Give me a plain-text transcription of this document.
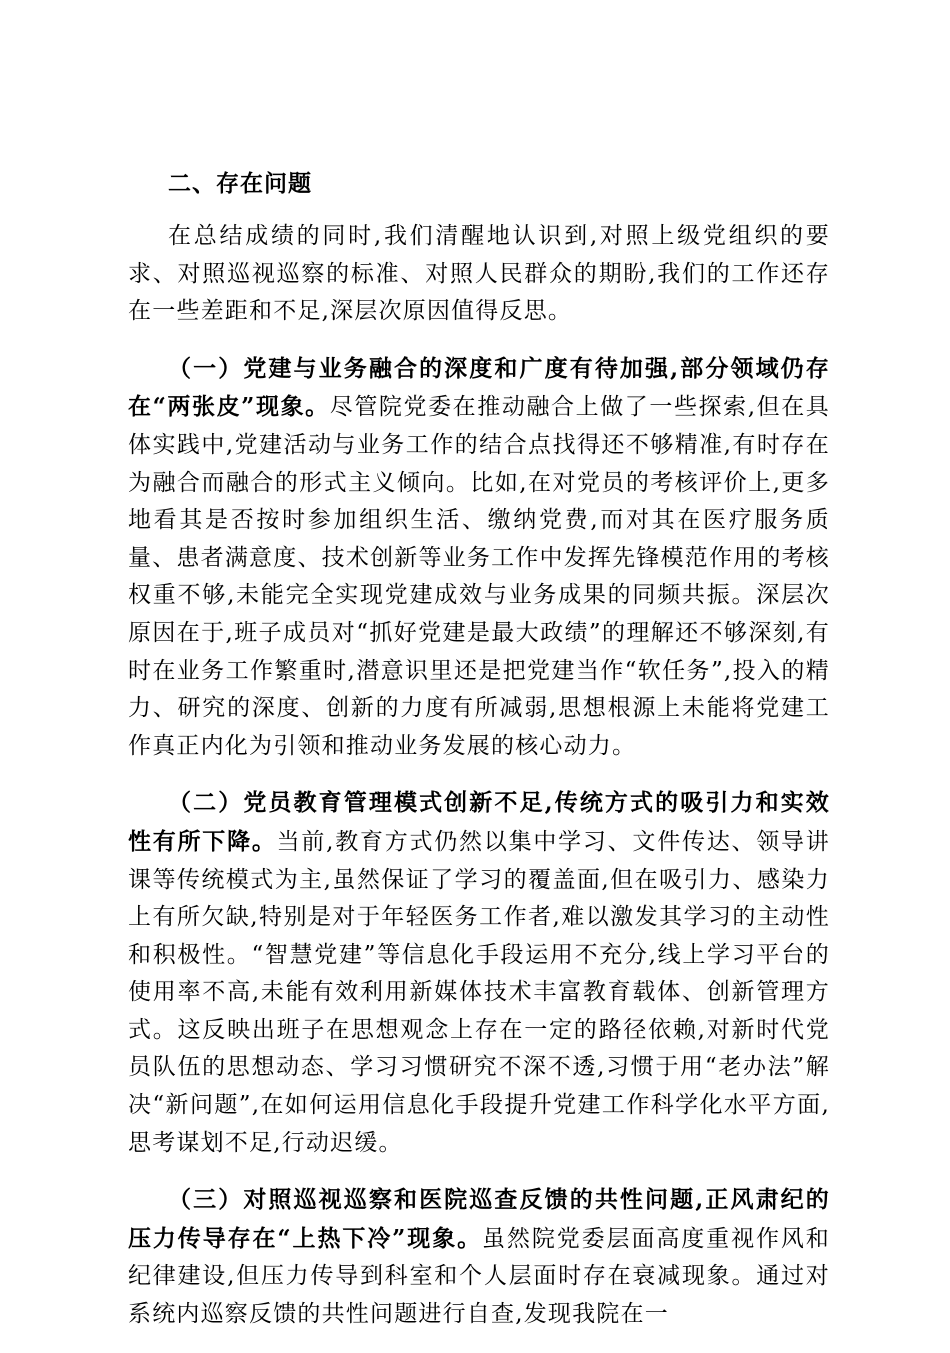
二、存在问题

在总结成绩的同时,我们清醒地认识到,对照上级党组织的要求、对照巡视巡察的标准、对照人民群众的期盼,我们的工作还存在一些差距和不足,深层次原因值得反思。

（一）党建与业务融合的深度和广度有待加强,部分领域仍存在“两张皮”现象。尽管院党委在推动融合上做了一些探索,但在具体实践中,党建活动与业务工作的结合点找得还不够精准,有时存在为融合而融合的形式主义倾向。比如,在对党员的考核评价上,更多地看其是否按时参加组织生活、缴纳党费,而对其在医疗服务质量、患者满意度、技术创新等业务工作中发挥先锋模范作用的考核权重不够,未能完全实现党建成效与业务成果的同频共振。深层次原因在于,班子成员对“抓好党建是最大政绩”的理解还不够深刻,有时在业务工作繁重时,潜意识里还是把党建当作“软任务”,投入的精力、研究的深度、创新的力度有所减弱,思想根源上未能将党建工作真正内化为引领和推动业务发展的核心动力。

（二）党员教育管理模式创新不足,传统方式的吸引力和实效性有所下降。当前,教育方式仍然以集中学习、文件传达、领导讲课等传统模式为主,虽然保证了学习的覆盖面,但在吸引力、感染力上有所欠缺,特别是对于年轻医务工作者,难以激发其学习的主动性和积极性。“智慧党建”等信息化手段运用不充分,线上学习平台的使用率不高,未能有效利用新媒体技术丰富教育载体、创新管理方式。这反映出班子在思想观念上存在一定的路径依赖,对新时代党员队伍的思想动态、学习习惯研究不深不透,习惯于用“老办法”解决“新问题”,在如何运用信息化手段提升党建工作科学化水平方面,思考谋划不足,行动迟缓。

（三）对照巡视巡察和医院巡查反馈的共性问题,正风肃纪的压力传导存在“上热下冷”现象。虽然院党委层面高度重视作风和纪律建设,但压力传导到科室和个人层面时存在衰减现象。通过对系统内巡察反馈的共性问题进行自查,发现我院在一
